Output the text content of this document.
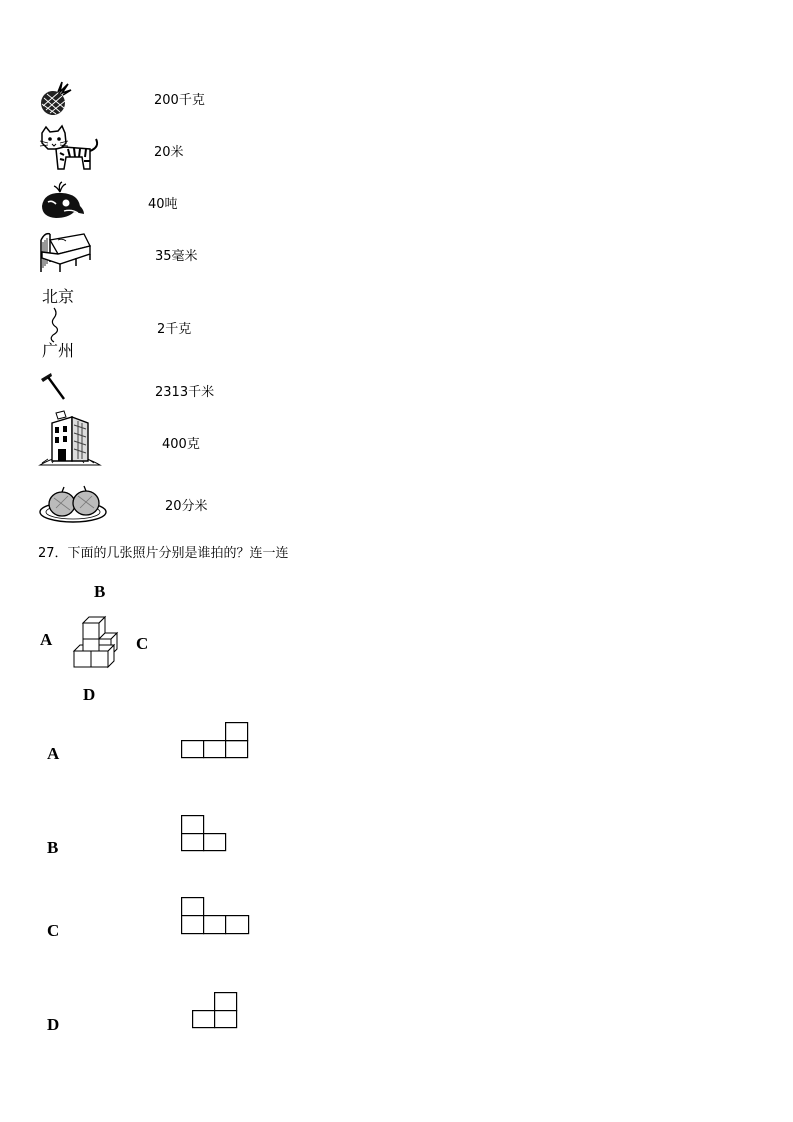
北京
广州
200千克
20米
40吨
35毫米
2千克
2313千米
400克
20分米
27．下面的几张照片分别是谁拍的？连一连
B
A	C
D
A
B
C
D
